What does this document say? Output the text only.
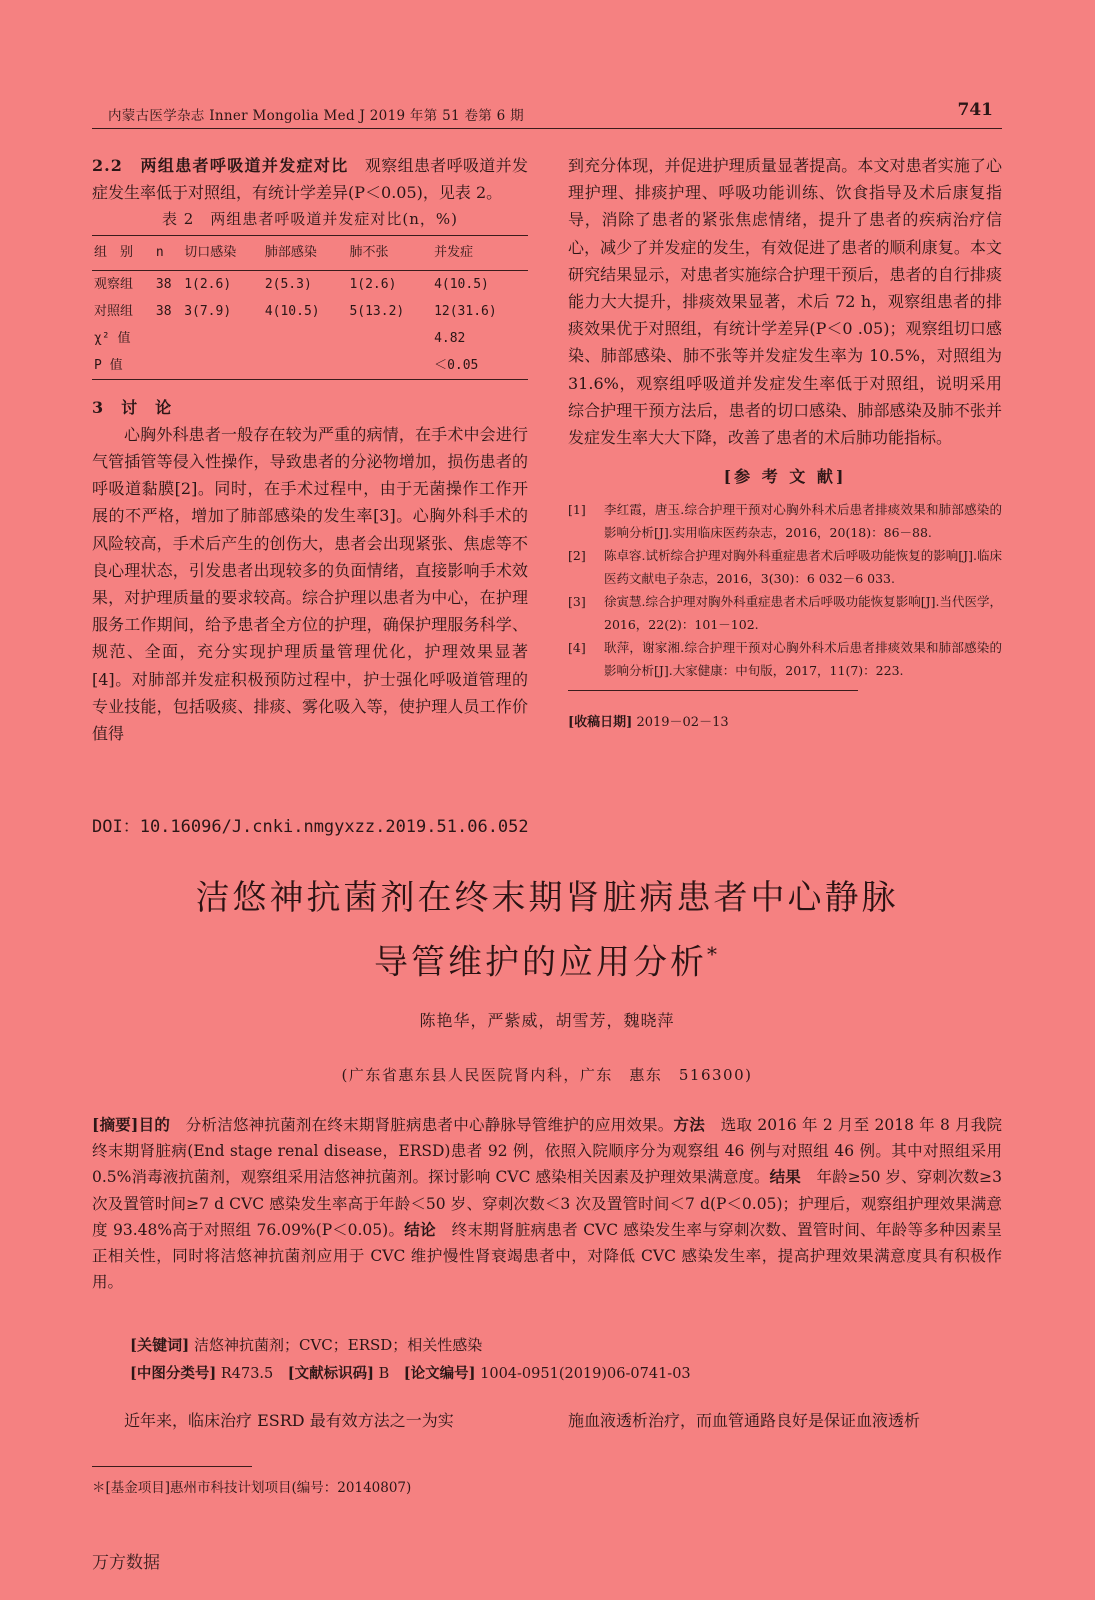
内蒙古医学杂志 Inner Mongolia Med J 2019 年第 51 卷第 6 期	741

2.2　两组患者呼吸道并发症对比　观察组患者呼吸道并发症发生率低于对照组，有统计学差异(P＜0.05)，见表 2。

表 2　两组患者呼吸道并发症对比(n，%)
组　别	n	切口感染	肺部感染	肺不张	并发症
观察组	38	1(2.6)	2(5.3)	1(2.6)	4(10.5)
对照组	38	3(7.9)	4(10.5)	5(13.2)	12(31.6)
χ² 值					4.82
P 值					＜0.05

3　讨　论

心胸外科患者一般存在较为严重的病情，在手术中会进行气管插管等侵入性操作，导致患者的分泌物增加，损伤患者的呼吸道黏膜[2]。同时，在手术过程中，由于无菌操作工作开展的不严格，增加了肺部感染的发生率[3]。心胸外科手术的风险较高，手术后产生的创伤大，患者会出现紧张、焦虑等不良心理状态，引发患者出现较多的负面情绪，直接影响手术效果，对护理质量的要求较高。综合护理以患者为中心，在护理服务工作期间，给予患者全方位的护理，确保护理服务科学、规范、全面，充分实现护理质量管理优化，护理效果显著[4]。对肺部并发症积极预防过程中，护士强化呼吸道管理的专业技能，包括吸痰、排痰、雾化吸入等，使护理人员工作价值得

到充分体现，并促进护理质量显著提高。本文对患者实施了心理护理、排痰护理、呼吸功能训练、饮食指导及术后康复指导，消除了患者的紧张焦虑情绪，提升了患者的疾病治疗信心，减少了并发症的发生，有效促进了患者的顺利康复。本文研究结果显示，对患者实施综合护理干预后，患者的自行排痰能力大大提升，排痰效果显著，术后 72 h，观察组患者的排痰效果优于对照组，有统计学差异(P＜0 .05)；观察组切口感染、肺部感染、肺不张等并发症发生率为 10.5%，对照组为 31.6%，观察组呼吸道并发症发生率低于对照组，说明采用综合护理干预方法后，患者的切口感染、肺部感染及肺不张并发症发生率大大下降，改善了患者的术后肺功能指标。

[参 考 文 献]
[1]	李红霞，唐玉.综合护理干预对心胸外科术后患者排痰效果和肺部感染的影响分析[J].实用临床医药杂志，2016，20(18)：86－88.
[2]	陈卓容.试析综合护理对胸外科重症患者术后呼吸功能恢复的影响[J].临床医药文献电子杂志，2016，3(30)：6 032－6 033.
[3]	徐寅慧.综合护理对胸外科重症患者术后呼吸功能恢复影响[J].当代医学，2016，22(2)：101－102.
[4]	耿萍，谢家湘.综合护理干预对心胸外科术后患者排痰效果和肺部感染的影响分析[J].大家健康：中旬版，2017，11(7)：223.
[收稿日期] 2019－02－13
DOI：10.16096/J.cnki.nmgyxzz.2019.51.06.052
洁悠神抗菌剂在终末期肾脏病患者中心静脉
导管维护的应用分析*
陈艳华，严紫威，胡雪芳，魏晓萍
(广东省惠东县人民医院肾内科，广东　惠东　516300)
[摘要]目的　分析洁悠神抗菌剂在终末期肾脏病患者中心静脉导管维护的应用效果。方法　选取 2016 年 2 月至 2018 年 8 月我院终末期肾脏病(End stage renal disease，ERSD)患者 92 例，依照入院顺序分为观察组 46 例与对照组 46 例。其中对照组采用 0.5%消毒液抗菌剂，观察组采用洁悠神抗菌剂。探讨影响 CVC 感染相关因素及护理效果满意度。结果　年龄≥50 岁、穿刺次数≥3 次及置管时间≥7 d CVC 感染发生率高于年龄＜50 岁、穿刺次数＜3 次及置管时间＜7 d(P＜0.05)；护理后，观察组护理效果满意度 93.48%高于对照组 76.09%(P＜0.05)。结论　终末期肾脏病患者 CVC 感染发生率与穿刺次数、置管时间、年龄等多种因素呈正相关性，同时将洁悠神抗菌剂应用于 CVC 维护慢性肾衰竭患者中，对降低 CVC 感染发生率，提高护理效果满意度具有积极作用。
[关键词] 洁悠神抗菌剂；CVC；ERSD；相关性感染
[中图分类号] R473.5　[文献标识码] B　[论文编号] 1004-0951(2019)06-0741-03
近年来，临床治疗 ESRD 最有效方法之一为实	施血液透析治疗，而血管通路良好是保证血液透析
＊[基金项目]惠州市科技计划项目(编号：20140807)
万方数据
